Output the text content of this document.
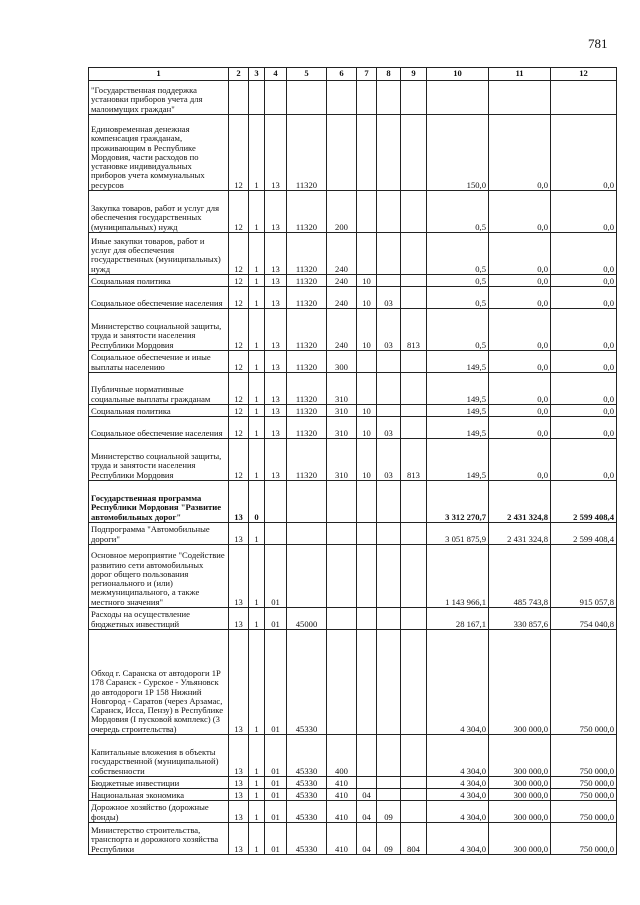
781
1	2	3	4	5	6	7	8	9	10	11	12
"Государственная поддержка установки приборов учета для малоимущих граждан"											
Единовременная денежная компенсация гражданам, проживающим в Республике Мордовия, части расходов по установке индивидуальных приборов учета коммунальных ресурсов	12	1	13	11320					150,0	0,0	0,0
Закупка товаров, работ и услуг для обеспечения государственных (муниципальных) нужд	12	1	13	11320	200				0,5	0,0	0,0
Иные закупки товаров, работ и услуг для обеспечения государственных (муниципальных) нужд	12	1	13	11320	240				0,5	0,0	0,0
Социальная политика	12	1	13	11320	240	10			0,5	0,0	0,0
Социальное обеспечение населения	12	1	13	11320	240	10	03		0,5	0,0	0,0
Министерство социальной защиты, труда и занятости населения Республики Мордовия	12	1	13	11320	240	10	03	813	0,5	0,0	0,0
Социальное обеспечение и иные выплаты населению	12	1	13	11320	300				149,5	0,0	0,0
Публичные нормативные социальные выплаты гражданам	12	1	13	11320	310				149,5	0,0	0,0
Социальная политика	12	1	13	11320	310	10			149,5	0,0	0,0
Социальное обеспечение населения	12	1	13	11320	310	10	03		149,5	0,0	0,0
Министерство социальной защиты, труда и занятости населения Республики Мордовия	12	1	13	11320	310	10	03	813	149,5	0,0	0,0
Государственная программа Республики Мордовия "Развитие автомобильных дорог"	13	0							3 312 270,7	2 431 324,8	2 599 408,4
Подпрограмма "Автомобильные дороги"	13	1							3 051 875,9	2 431 324,8	2 599 408,4
Основное мероприятие "Содействие развитию сети автомобильных дорог общего пользования регионального и (или) межмуниципального, а также местного значения"	13	1	01						1 143 966,1	485 743,8	915 057,8
Расходы на осуществление бюджетных инвестиций	13	1	01	45000					28 167,1	330 857,6	754 040,8
Обход г. Саранска от автодороги 1Р 178 Саранск - Сурское - Ульяновск до автодороги 1Р 158 Нижний Новгород - Саратов (через Арзамас, Саранск, Исса, Пензу) в Республике Мордовия (I пусковой комплекс) (3 очередь строительства)	13	1	01	45330					4 304,0	300 000,0	750 000,0
Капитальные вложения в объекты государственной (муниципальной) собственности	13	1	01	45330	400				4 304,0	300 000,0	750 000,0
Бюджетные инвестиции	13	1	01	45330	410				4 304,0	300 000,0	750 000,0
Национальная экономика	13	1	01	45330	410	04			4 304,0	300 000,0	750 000,0
Дорожное хозяйство (дорожные фонды)	13	1	01	45330	410	04	09		4 304,0	300 000,0	750 000,0
Министерство строительства, транспорта и дорожного хозяйства Республики	13	1	01	45330	410	04	09	804	4 304,0	300 000,0	750 000,0
